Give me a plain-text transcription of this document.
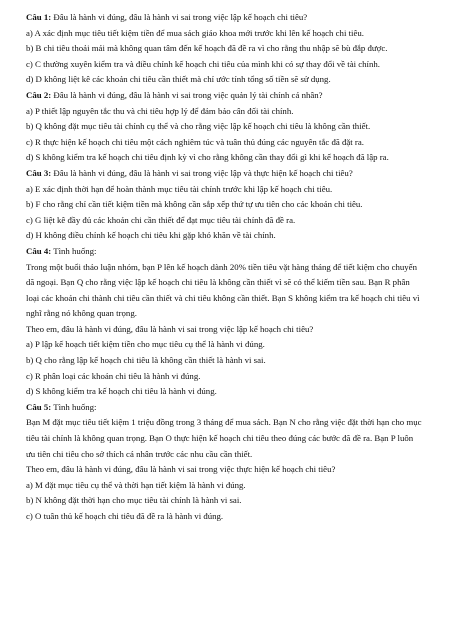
Câu 1: Đâu là hành vi đúng, đâu là hành vi sai trong việc lập kế hoạch chi tiêu?

a) A xác định mục tiêu tiết kiệm tiền để mua sách giáo khoa mới trước khi lên kế hoạch chi tiêu.

b) B chi tiêu thoải mái mà không quan tâm đến kế hoạch đã đề ra vì cho rằng thu nhập sẽ bù đắp được.

c) C thường xuyên kiểm tra và điều chỉnh kế hoạch chi tiêu của mình khi có sự thay đổi về tài chính.

d) D không liệt kê các khoản chi tiêu cần thiết mà chỉ ước tính tổng số tiền sẽ sử dụng.

Câu 2: Đâu là hành vi đúng, đâu là hành vi sai trong việc quản lý tài chính cá nhân?

a) P thiết lập nguyên tắc thu và chi tiêu hợp lý để đảm bảo cân đối tài chính.

b) Q không đặt mục tiêu tài chính cụ thể và cho rằng việc lập kế hoạch chi tiêu là không cần thiết.

c) R thực hiện kế hoạch chi tiêu một cách nghiêm túc và tuân thủ đúng các nguyên tắc đã đặt ra.

d) S không kiểm tra kế hoạch chi tiêu định kỳ vì cho rằng không cần thay đổi gì khi kế hoạch đã lập ra.

Câu 3: Đâu là hành vi đúng, đâu là hành vi sai trong việc lập và thực hiện kế hoạch chi tiêu?

a) E xác định thời hạn để hoàn thành mục tiêu tài chính trước khi lập kế hoạch chi tiêu.

b) F cho rằng chỉ cần tiết kiệm tiền mà không cần sắp xếp thứ tự ưu tiên cho các khoản chi tiêu.

c) G liệt kê đầy đủ các khoản chi cần thiết để đạt mục tiêu tài chính đã đề ra.

d) H không điều chỉnh kế hoạch chi tiêu khi gặp khó khăn về tài chính.

Câu 4: Tình huống:

Trong một buổi thảo luận nhóm, bạn P lên kế hoạch dành 20% tiền tiêu vặt hàng tháng để tiết kiệm cho chuyến dã ngoại. Bạn Q cho rằng việc lập kế hoạch chi tiêu là không cần thiết vì sẽ có thể kiếm tiền sau. Bạn R phân loại các khoản chi thành chi tiêu cần thiết và chi tiêu không cần thiết. Bạn S không kiểm tra kế hoạch chi tiêu vì nghĩ rằng nó không quan trọng.

Theo em, đâu là hành vi đúng, đâu là hành vi sai trong việc lập kế hoạch chi tiêu?

a) P lập kế hoạch tiết kiệm tiền cho mục tiêu cụ thể là hành vi đúng.

b) Q cho rằng lập kế hoạch chi tiêu là không cần thiết là hành vi sai.

c) R phân loại các khoản chi tiêu là hành vi đúng.

d) S không kiểm tra kế hoạch chi tiêu là hành vi đúng.

Câu 5: Tình huống:

Bạn M đặt mục tiêu tiết kiệm 1 triệu đồng trong 3 tháng để mua sách. Bạn N cho rằng việc đặt thời hạn cho mục tiêu tài chính là không quan trọng. Bạn O thực hiện kế hoạch chi tiêu theo đúng các bước đã đề ra. Bạn P luôn ưu tiên chi tiêu cho sở thích cá nhân trước các nhu cầu cần thiết.

Theo em, đâu là hành vi đúng, đâu là hành vi sai trong việc thực hiện kế hoạch chi tiêu?

a) M đặt mục tiêu cụ thể và thời hạn tiết kiệm là hành vi đúng.

b) N không đặt thời hạn cho mục tiêu tài chính là hành vi sai.

c) O tuân thủ kế hoạch chi tiêu đã đề ra là hành vi đúng.
